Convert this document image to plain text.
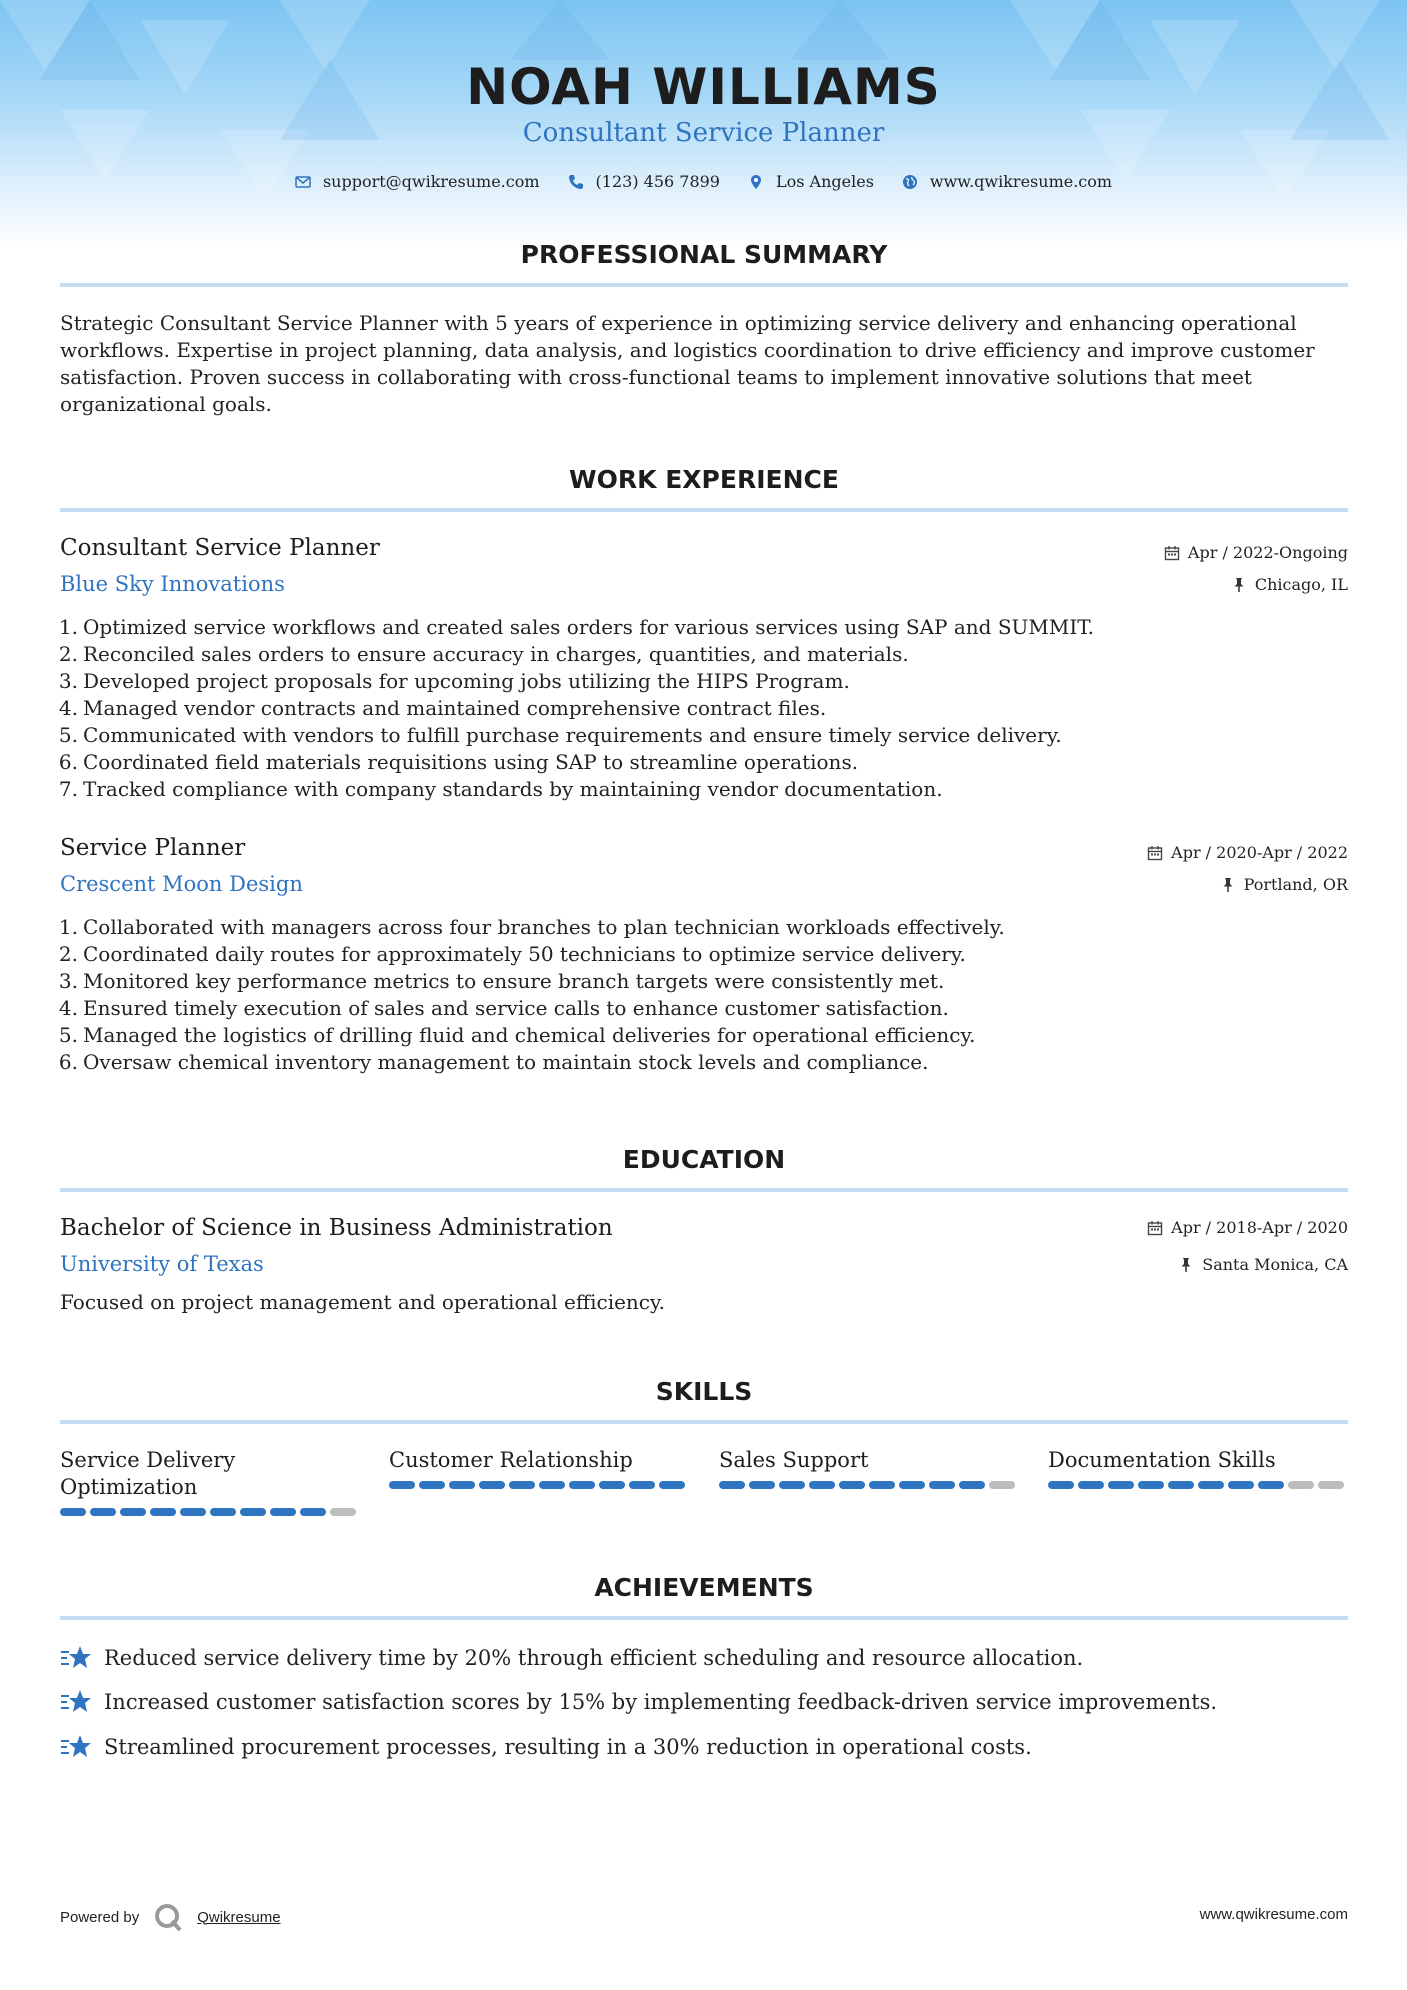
NOAH WILLIAMS
Consultant Service Planner
support@qwikresume.com	(123) 456 7899	Los Angeles	www.qwikresume.com
PROFESSIONAL SUMMARY
Strategic Consultant Service Planner with 5 years of experience in optimizing service delivery and enhancing operational workflows. Expertise in project planning, data analysis, and logistics coordination to drive efficiency and improve customer satisfaction. Proven success in collaborating with cross-functional teams to implement innovative solutions that meet organizational goals.
WORK EXPERIENCE
Consultant Service Planner	Apr / 2022-Ongoing
Blue Sky Innovations	Chicago, IL
1. Optimized service workflows and created sales orders for various services using SAP and SUMMIT.
2. Reconciled sales orders to ensure accuracy in charges, quantities, and materials.
3. Developed project proposals for upcoming jobs utilizing the HIPS Program.
4. Managed vendor contracts and maintained comprehensive contract files.
5. Communicated with vendors to fulfill purchase requirements and ensure timely service delivery.
6. Coordinated field materials requisitions using SAP to streamline operations.
7. Tracked compliance with company standards by maintaining vendor documentation.
Service Planner	Apr / 2020-Apr / 2022
Crescent Moon Design	Portland, OR
1. Collaborated with managers across four branches to plan technician workloads effectively.
2. Coordinated daily routes for approximately 50 technicians to optimize service delivery.
3. Monitored key performance metrics to ensure branch targets were consistently met.
4. Ensured timely execution of sales and service calls to enhance customer satisfaction.
5. Managed the logistics of drilling fluid and chemical deliveries for operational efficiency.
6. Oversaw chemical inventory management to maintain stock levels and compliance.
EDUCATION
Bachelor of Science in Business Administration	Apr / 2018-Apr / 2020
University of Texas	Santa Monica, CA
Focused on project management and operational efficiency.
SKILLS
Service Delivery Optimization
Customer Relationship	Sales Support	Documentation Skills
ACHIEVEMENTS
Reduced service delivery time by 20% through efficient scheduling and resource allocation.
Increased customer satisfaction scores by 15% by implementing feedback-driven service improvements.
Streamlined procurement processes, resulting in a 30% reduction in operational costs.
Powered by	Qwikresume	www.qwikresume.com
